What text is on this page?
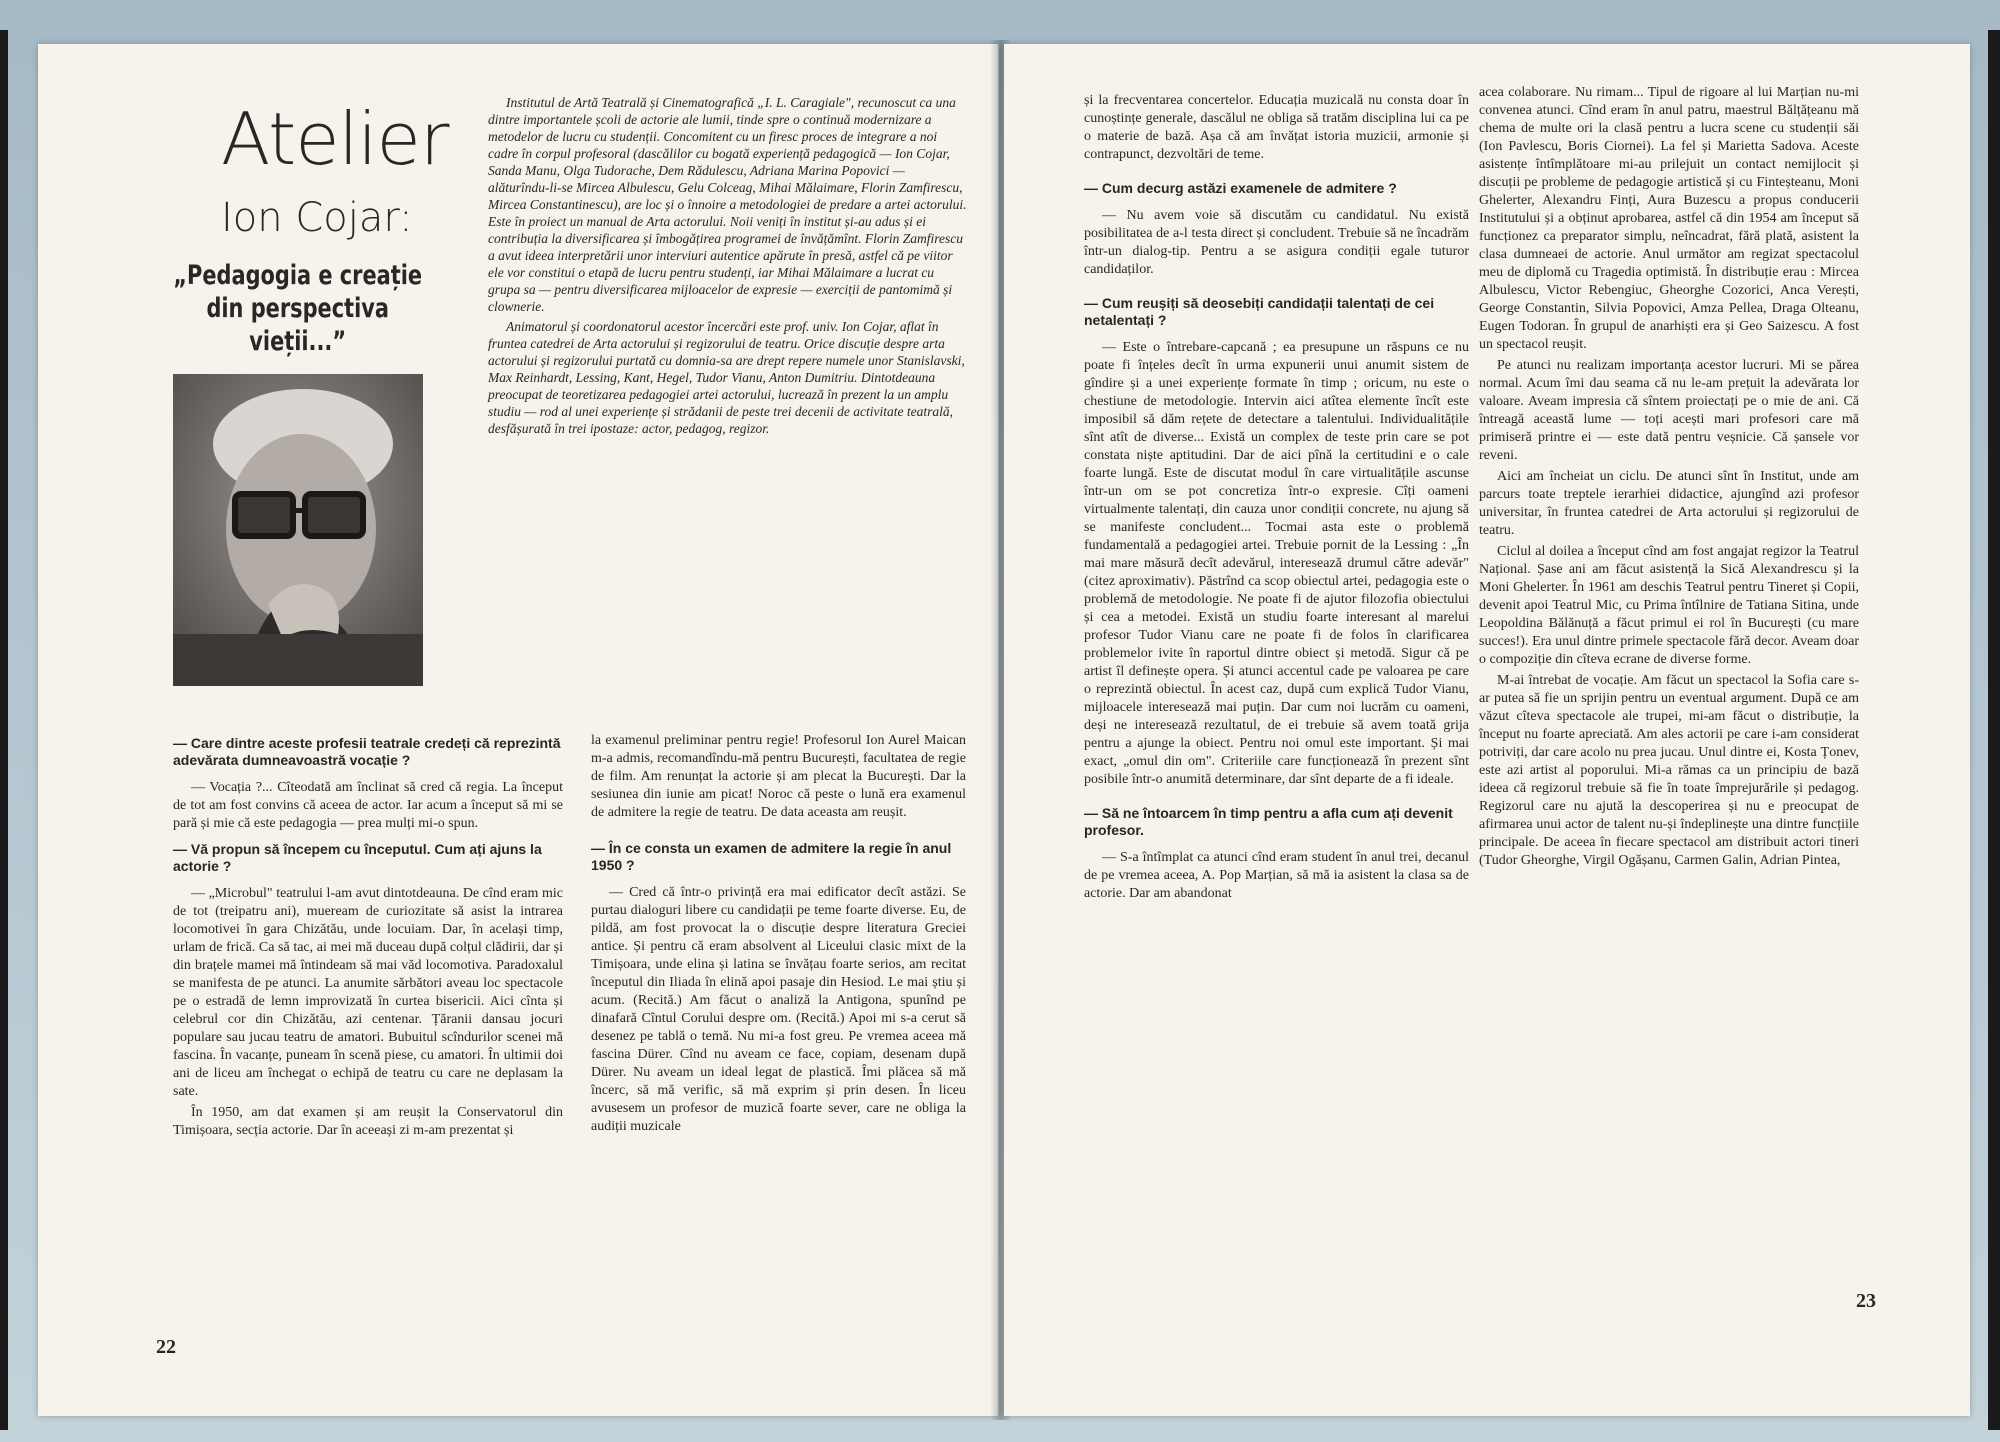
Atelier
Ion Cojar:
„Pedagogia e creație din perspectiva vieții...”

Institutul de Artă Teatrală și Cinematografică „I. L. Caragiale", recunoscut ca una dintre importantele școli de actorie ale lumii, tinde spre o continuă modernizare a metodelor de lucru cu studenții. Concomitent cu un firesc proces de integrare a noi cadre în corpul profesoral (dascălilor cu bogată experiență pedagogică — Ion Cojar, Sanda Manu, Olga Tudorache, Dem Rădulescu, Adriana Marina Popovici — alăturîndu-li-se Mircea Albulescu, Gelu Colceag, Mihai Mălaimare, Florin Zamfirescu, Mircea Constantinescu), are loc și o înnoire a metodologiei de predare a artei actorului. Este în proiect un manual de Arta actorului. Noii veniți în institut și-au adus și ei contribuția la diversificarea și îmbogățirea programei de învățămînt. Florin Zamfirescu a avut ideea interpretării unor interviuri autentice apărute în presă, astfel că pe viitor ele vor constitui o etapă de lucru pentru studenți, iar Mihai Mălaimare a lucrat cu grupa sa — pentru diversificarea mijloacelor de expresie — exerciții de pantomimă și clownerie.

Animatorul și coordonatorul acestor încercări este prof. univ. Ion Cojar, aflat în fruntea catedrei de Arta actorului și regizorului de teatru. Orice discuție despre arta actorului și regizorului purtată cu domnia-sa are drept repere numele unor Stanislavski, Max Reinhardt, Lessing, Kant, Hegel, Tudor Vianu, Anton Dumitriu. Dintotdeauna preocupat de teoretizarea pedagogiei artei actorului, lucrează în prezent la un amplu studiu — rod al unei experiențe și strădanii de peste trei decenii de activitate teatrală, desfășurată în trei ipostaze: actor, pedagog, regizor.

— Care dintre aceste profesii teatrale credeți că reprezintă adevărata dumneavoastră vocație ?

— Vocația ?... Cîteodată am înclinat să cred că regia. La început de tot am fost convins că aceea de actor. Iar acum a început să mi se pară și mie că este pedagogia — prea mulți mi-o spun.

— Vă propun să începem cu începutul. Cum ați ajuns la actorie ?

— „Microbul" teatrului l-am avut dintotdeauna. De cînd eram mic de tot (treipatru ani), mueream de curiozitate să asist la intrarea locomotivei în gara Chizătău, unde locuiam. Dar, în același timp, urlam de frică. Ca să tac, ai mei mă duceau după colțul clădirii, dar și din brațele mamei mă întindeam să mai văd locomotiva. Paradoxalul se manifesta de pe atunci. La anumite sărbători aveau loc spectacole pe o estradă de lemn improvizată în curtea bisericii. Aici cînta și celebrul cor din Chizătău, azi centenar. Țăranii dansau jocuri populare sau jucau teatru de amatori. Bubuitul scîndurilor scenei mă fascina. În vacanțe, puneam în scenă piese, cu amatori. În ultimii doi ani de liceu am închegat o echipă de teatru cu care ne deplasam la sate.

În 1950, am dat examen și am reușit la Conservatorul din Timișoara, secția actorie. Dar în aceeași zi m-am prezentat și

la examenul preliminar pentru regie! Profesorul Ion Aurel Maican m-a admis, recomandîndu-mă pentru București, facultatea de regie de film. Am renunțat la actorie și am plecat la București. Dar la sesiunea din iunie am picat! Noroc că peste o lună era examenul de admitere la regie de teatru. De data aceasta am reușit.

— În ce consta un examen de admitere la regie în anul 1950 ?

— Cred că într-o privință era mai edificator decît astăzi. Se purtau dialoguri libere cu candidații pe teme foarte diverse. Eu, de pildă, am fost provocat la o discuție despre literatura Greciei antice. Și pentru că eram absolvent al Liceului clasic mixt de la Timișoara, unde elina și latina se învățau foarte serios, am recitat începutul din Iliada în elină apoi pasaje din Hesiod. Le mai știu și acum. (Recită.) Am făcut o analiză la Antigona, spunînd pe dinafară Cîntul Corului despre om. (Recită.) Apoi mi s-a cerut să desenez pe tablă o temă. Nu mi-a fost greu. Pe vremea aceea mă fascina Dürer. Cînd nu aveam ce face, copiam, desenam după Dürer. Nu aveam un ideal legat de plastică. Îmi plăcea să mă încerc, să mă verific, să mă exprim și prin desen. În liceu avusesem un profesor de muzică foarte sever, care ne obliga la audiții muzicale

22

și la frecventarea concertelor. Educația muzicală nu consta doar în cunoștințe generale, dascălul ne obliga să tratăm disciplina lui ca pe o materie de bază. Așa că am învățat istoria muzicii, armonie și contrapunct, dezvoltări de teme.

— Cum decurg astăzi examenele de admitere ?

— Nu avem voie să discutăm cu candidatul. Nu există posibilitatea de a-l testa direct și concludent. Trebuie să ne încadrăm într-un dialog-tip. Pentru a se asigura condiții egale tuturor candidaților.

— Cum reușiți să deosebiți candidații talentați de cei netalentați ?

— Este o întrebare-capcană ; ea presupune un răspuns ce nu poate fi înțeles decît în urma expunerii unui anumit sistem de gîndire și a unei experiențe formate în timp ; oricum, nu este o chestiune de metodologie. Intervin aici atîtea elemente încît este imposibil să dăm rețete de detectare a talentului. Individualitățile sînt atît de diverse... Există un complex de teste prin care se pot constata niște aptitudini. Dar de aici pînă la certitudini e o cale foarte lungă. Este de discutat modul în care virtualitățile ascunse într-un om se pot concretiza într-o expresie. Cîți oameni virtualmente talentați, din cauza unor condiții concrete, nu ajung să se manifeste concludent... Tocmai asta este o problemă fundamentală a pedagogiei artei. Trebuie pornit de la Lessing : „În mai mare măsură decît adevărul, interesează drumul către adevăr" (citez aproximativ). Păstrînd ca scop obiectul artei, pedagogia este o problemă de metodologie. Ne poate fi de ajutor filozofia obiectului și cea a metodei. Există un studiu foarte interesant al marelui profesor Tudor Vianu care ne poate fi de folos în clarificarea problemelor ivite în raportul dintre obiect și metodă. Sigur că pe artist îl definește opera. Și atunci accentul cade pe valoarea pe care o reprezintă obiectul. În acest caz, după cum explică Tudor Vianu, mijloacele interesează mai puțin. Dar cum noi lucrăm cu oameni, deși ne interesează rezultatul, de ei trebuie să avem toată grija pentru a ajunge la obiect. Pentru noi omul este important. Și mai exact, „omul din om". Criteriile care funcționează în prezent sînt posibile într-o anumită determinare, dar sînt departe de a fi ideale.

— Să ne întoarcem în timp pentru a afla cum ați devenit profesor.

— S-a întîmplat ca atunci cînd eram student în anul trei, decanul de pe vremea aceea, A. Pop Marțian, să mă ia asistent la clasa sa de actorie. Dar am abandonat

acea colaborare. Nu rimam... Tipul de rigoare al lui Marțian nu-mi convenea atunci. Cînd eram în anul patru, maestrul Bălțățeanu mă chema de multe ori la clasă pentru a lucra scene cu studenții săi (Ion Pavlescu, Boris Ciornei). La fel și Marietta Sadova. Aceste asistențe întîmplătoare mi-au prilejuit un contact nemijlocit și discuții pe probleme de pedagogie artistică și cu Finteșteanu, Moni Ghelerter, Alexandru Finți, Aura Buzescu a propus conducerii Institutului și a obținut aprobarea, astfel că din 1954 am început să funcționez ca preparator simplu, neîncadrat, fără plată, asistent la clasa dumneaei de actorie. Anul următor am regizat spectacolul meu de diplomă cu Tragedia optimistă. În distribuție erau : Mircea Albulescu, Victor Rebengiuc, Gheorghe Cozorici, Anca Verești, George Constantin, Silvia Popovici, Amza Pellea, Draga Olteanu, Eugen Todoran. În grupul de anarhiști era și Geo Saizescu. A fost un spectacol reușit.

Pe atunci nu realizam importanța acestor lucruri. Mi se părea normal. Acum îmi dau seama că nu le-am prețuit la adevărata lor valoare. Aveam impresia că sîntem proiectați pe o mie de ani. Că întreagă această lume — toți acești mari profesori care mă primiseră printre ei — este dată pentru veșnicie. Că șansele vor reveni.

Aici am încheiat un ciclu. De atunci sînt în Institut, unde am parcurs toate treptele ierarhiei didactice, ajungînd azi profesor universitar, în fruntea catedrei de Arta actorului și regizorului de teatru.

Ciclul al doilea a început cînd am fost angajat regizor la Teatrul Național. Șase ani am făcut asistență la Sică Alexandrescu și la Moni Ghelerter. În 1961 am deschis Teatrul pentru Tineret și Copii, devenit apoi Teatrul Mic, cu Prima întîlnire de Tatiana Sitina, unde Leopoldina Bălănuță a făcut primul ei rol în București (cu mare succes!). Era unul dintre primele spectacole fără decor. Aveam doar o compoziție din cîteva ecrane de diverse forme.

M-ai întrebat de vocație. Am făcut un spectacol la Sofia care s-ar putea să fie un sprijin pentru un eventual argument. După ce am văzut cîteva spectacole ale trupei, mi-am făcut o distribuție, la început nu foarte apreciată. Am ales actorii pe care i-am considerat potriviți, dar care acolo nu prea jucau. Unul dintre ei, Kosta Țonev, este azi artist al poporului. Mi-a rămas ca un principiu de bază ideea că regizorul trebuie să fie în toate împrejurările și pedagog. Regizorul care nu ajută la descoperirea și nu e preocupat de afirmarea unui actor de talent nu-și îndeplinește una dintre funcțiile principale. De aceea în fiecare spectacol am distribuit actori tineri (Tudor Gheorghe, Virgil Ogășanu, Carmen Galin, Adrian Pintea,

23
